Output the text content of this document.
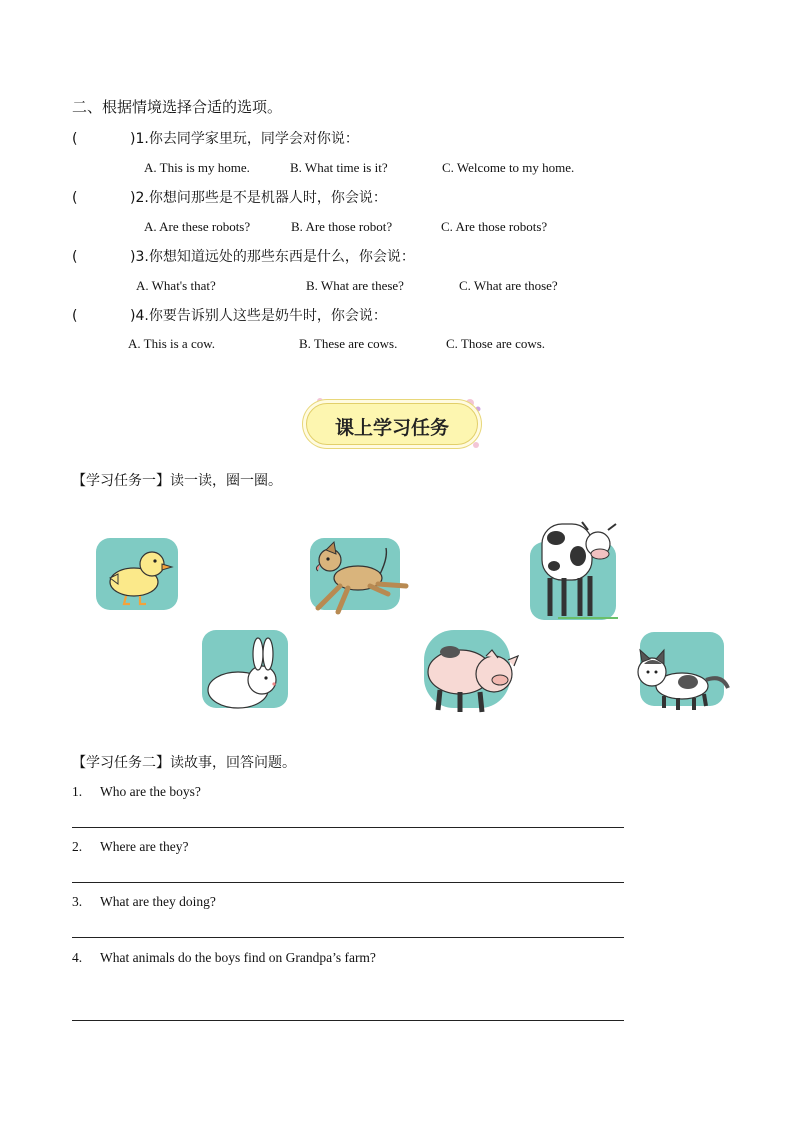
二、根据情境选择合适的选项。
(	)1.你去同学家里玩，同学会对你说：
A. This is my home.	B. What time is it?	C. Welcome to my home.
(	)2.你想问那些是不是机器人时，你会说：
A. Are these robots?	B. Are those robot?	C. Are those robots?
(	)3.你想知道远处的那些东西是什么，你会说：
A. What's that?	B. What are these?	C. What are those?
(	)4.你要告诉别人这些是奶牛时，你会说：
A. This is a cow.	B. These are cows.	C. Those are cows.
课上学习任务
【学习任务一】读一读，圈一圈。
【学习任务二】读故事，回答问题。
1. Who are the boys?
2. Where are they?
3. What are they doing?
4. What animals do the boys find on Grandpa’s farm?
